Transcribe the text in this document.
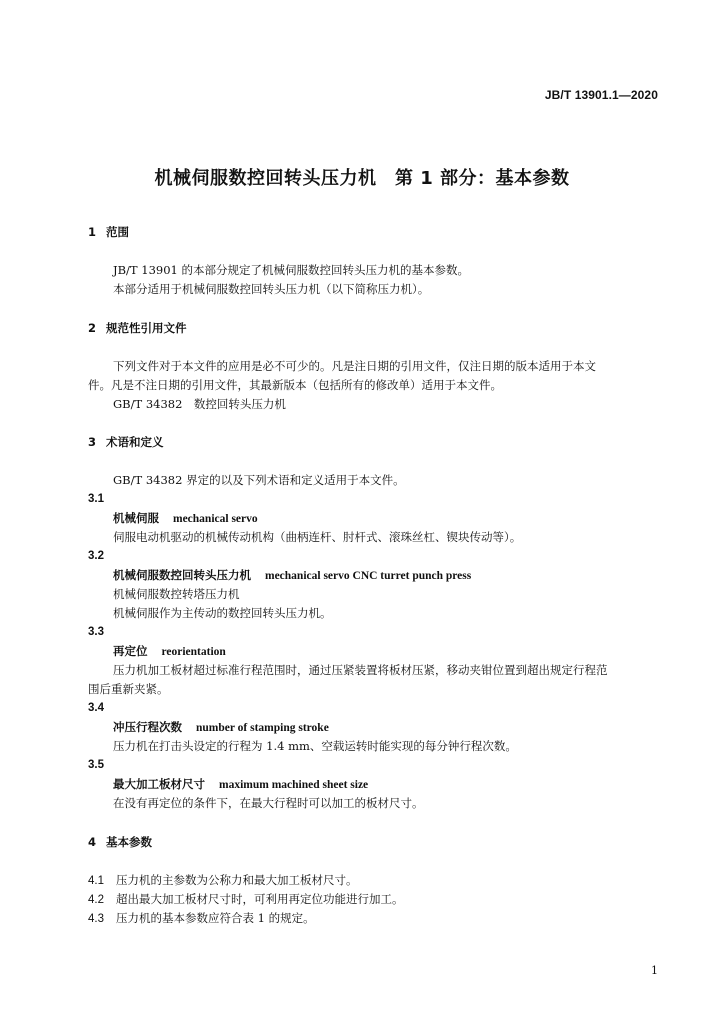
JB/T 13901.1—2020
机械伺服数控回转头压力机　第 1 部分：基本参数
1 范围
JB/T 13901 的本部分规定了机械伺服数控回转头压力机的基本参数。
本部分适用于机械伺服数控回转头压力机（以下简称压力机）。
2 规范性引用文件
下列文件对于本文件的应用是必不可少的。凡是注日期的引用文件，仅注日期的版本适用于本文
件。凡是不注日期的引用文件，其最新版本（包括所有的修改单）适用于本文件。
GB/T 34382　数控回转头压力机
3 术语和定义
GB/T 34382 界定的以及下列术语和定义适用于本文件。
3.1
机械伺服 mechanical servo
伺服电动机驱动的机械传动机构（曲柄连杆、肘杆式、滚珠丝杠、锲块传动等）。
3.2
机械伺服数控回转头压力机 mechanical servo CNC turret punch press
机械伺服数控转塔压力机
机械伺服作为主传动的数控回转头压力机。
3.3
再定位 reorientation
压力机加工板材超过标准行程范围时，通过压紧装置将板材压紧，移动夹钳位置到超出规定行程范
围后重新夹紧。
3.4
冲压行程次数 number of stamping stroke
压力机在打击头设定的行程为 1.4 mm、空载运转时能实现的每分钟行程次数。
3.5
最大加工板材尺寸 maximum machined sheet size
在没有再定位的条件下，在最大行程时可以加工的板材尺寸。
4 基本参数
4.1 压力机的主参数为公称力和最大加工板材尺寸。
4.2 超出最大加工板材尺寸时，可利用再定位功能进行加工。
4.3 压力机的基本参数应符合表 1 的规定。
1
